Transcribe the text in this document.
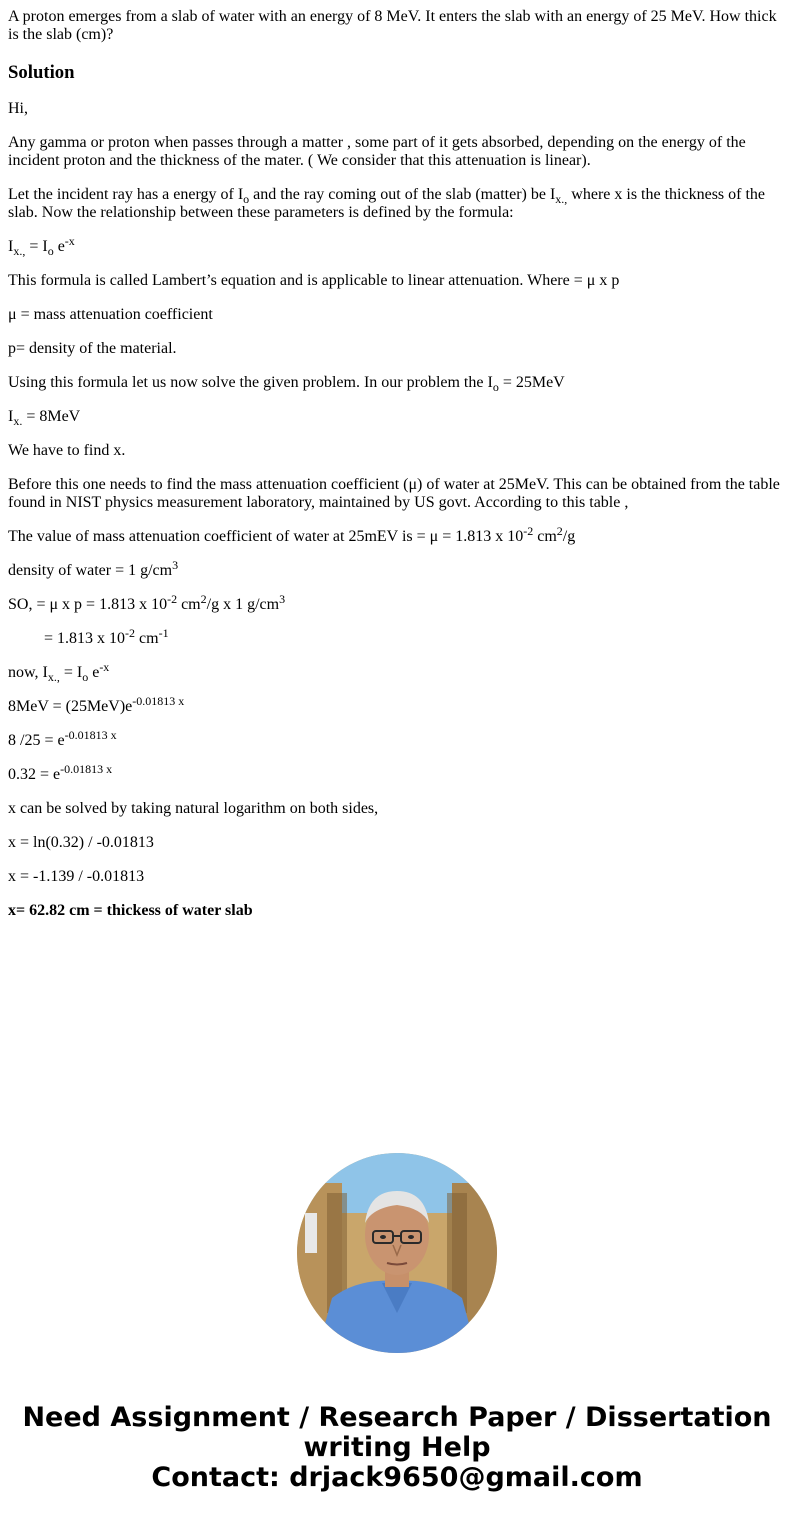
A proton emerges from a slab of water with an energy of 8 MeV. It enters the slab with an energy of 25 MeV. How thick is the slab (cm)?

Solution

Hi,

Any gamma or proton when passes through a matter , some part of it gets absorbed, depending on the energy of the incident proton and the thickness of the mater. ( We consider that this attenuation is linear).

Let the incident ray has a energy of $I_o$ and the ray coming out of the slab (matter) be $I_{x.,}$ where x is the thickness of the slab. Now the relationship between these parameters is defined by the formula:

$I_{x.,} = I_o$ $e^{-x}$

This formula is called Lambert’s equation and is applicable to linear attenuation. Where = μ x p

μ = mass attenuation coefficient

p= density of the material.

Using this formula let us now solve the given problem. In our problem the $I_o = 25MeV$

$I_{x.} = 8MeV$

We have to find x.

Before this one needs to find the mass attenuation coefficient (μ) of water at 25MeV. This can be obtained from the table found in NIST physics measurement laboratory, maintained by US govt. According to this table ,

The value of mass attenuation coefficient of water at 25mEV is = μ = 1.813 x $10^{-2}$ $cm^2/g$

density of water = 1 $g/cm^3$

SO, = μ x p = 1.813 x $10^{-2}$ $cm^2/g$ x 1 $g/cm^3$

= 1.813 x $10^{-2}$ $cm^{-1}$

now, $I_{x.,} = I_o$ $e^{-x}$

$8MeV = (25MeV)e^{-0.01813 x}$

8 $/25 = e^{-0.01813 x}$

$0.32 = e^{-0.01813 x}$

x can be solved by taking natural logarithm on both sides,

x = ln(0.32) / -0.01813

x = -1.139 / -0.01813

x= 62.82 cm = thickess of water slab

Need Assignment / Research Paper / Dissertation
writing Help
Contact: drjack9650@gmail.com
